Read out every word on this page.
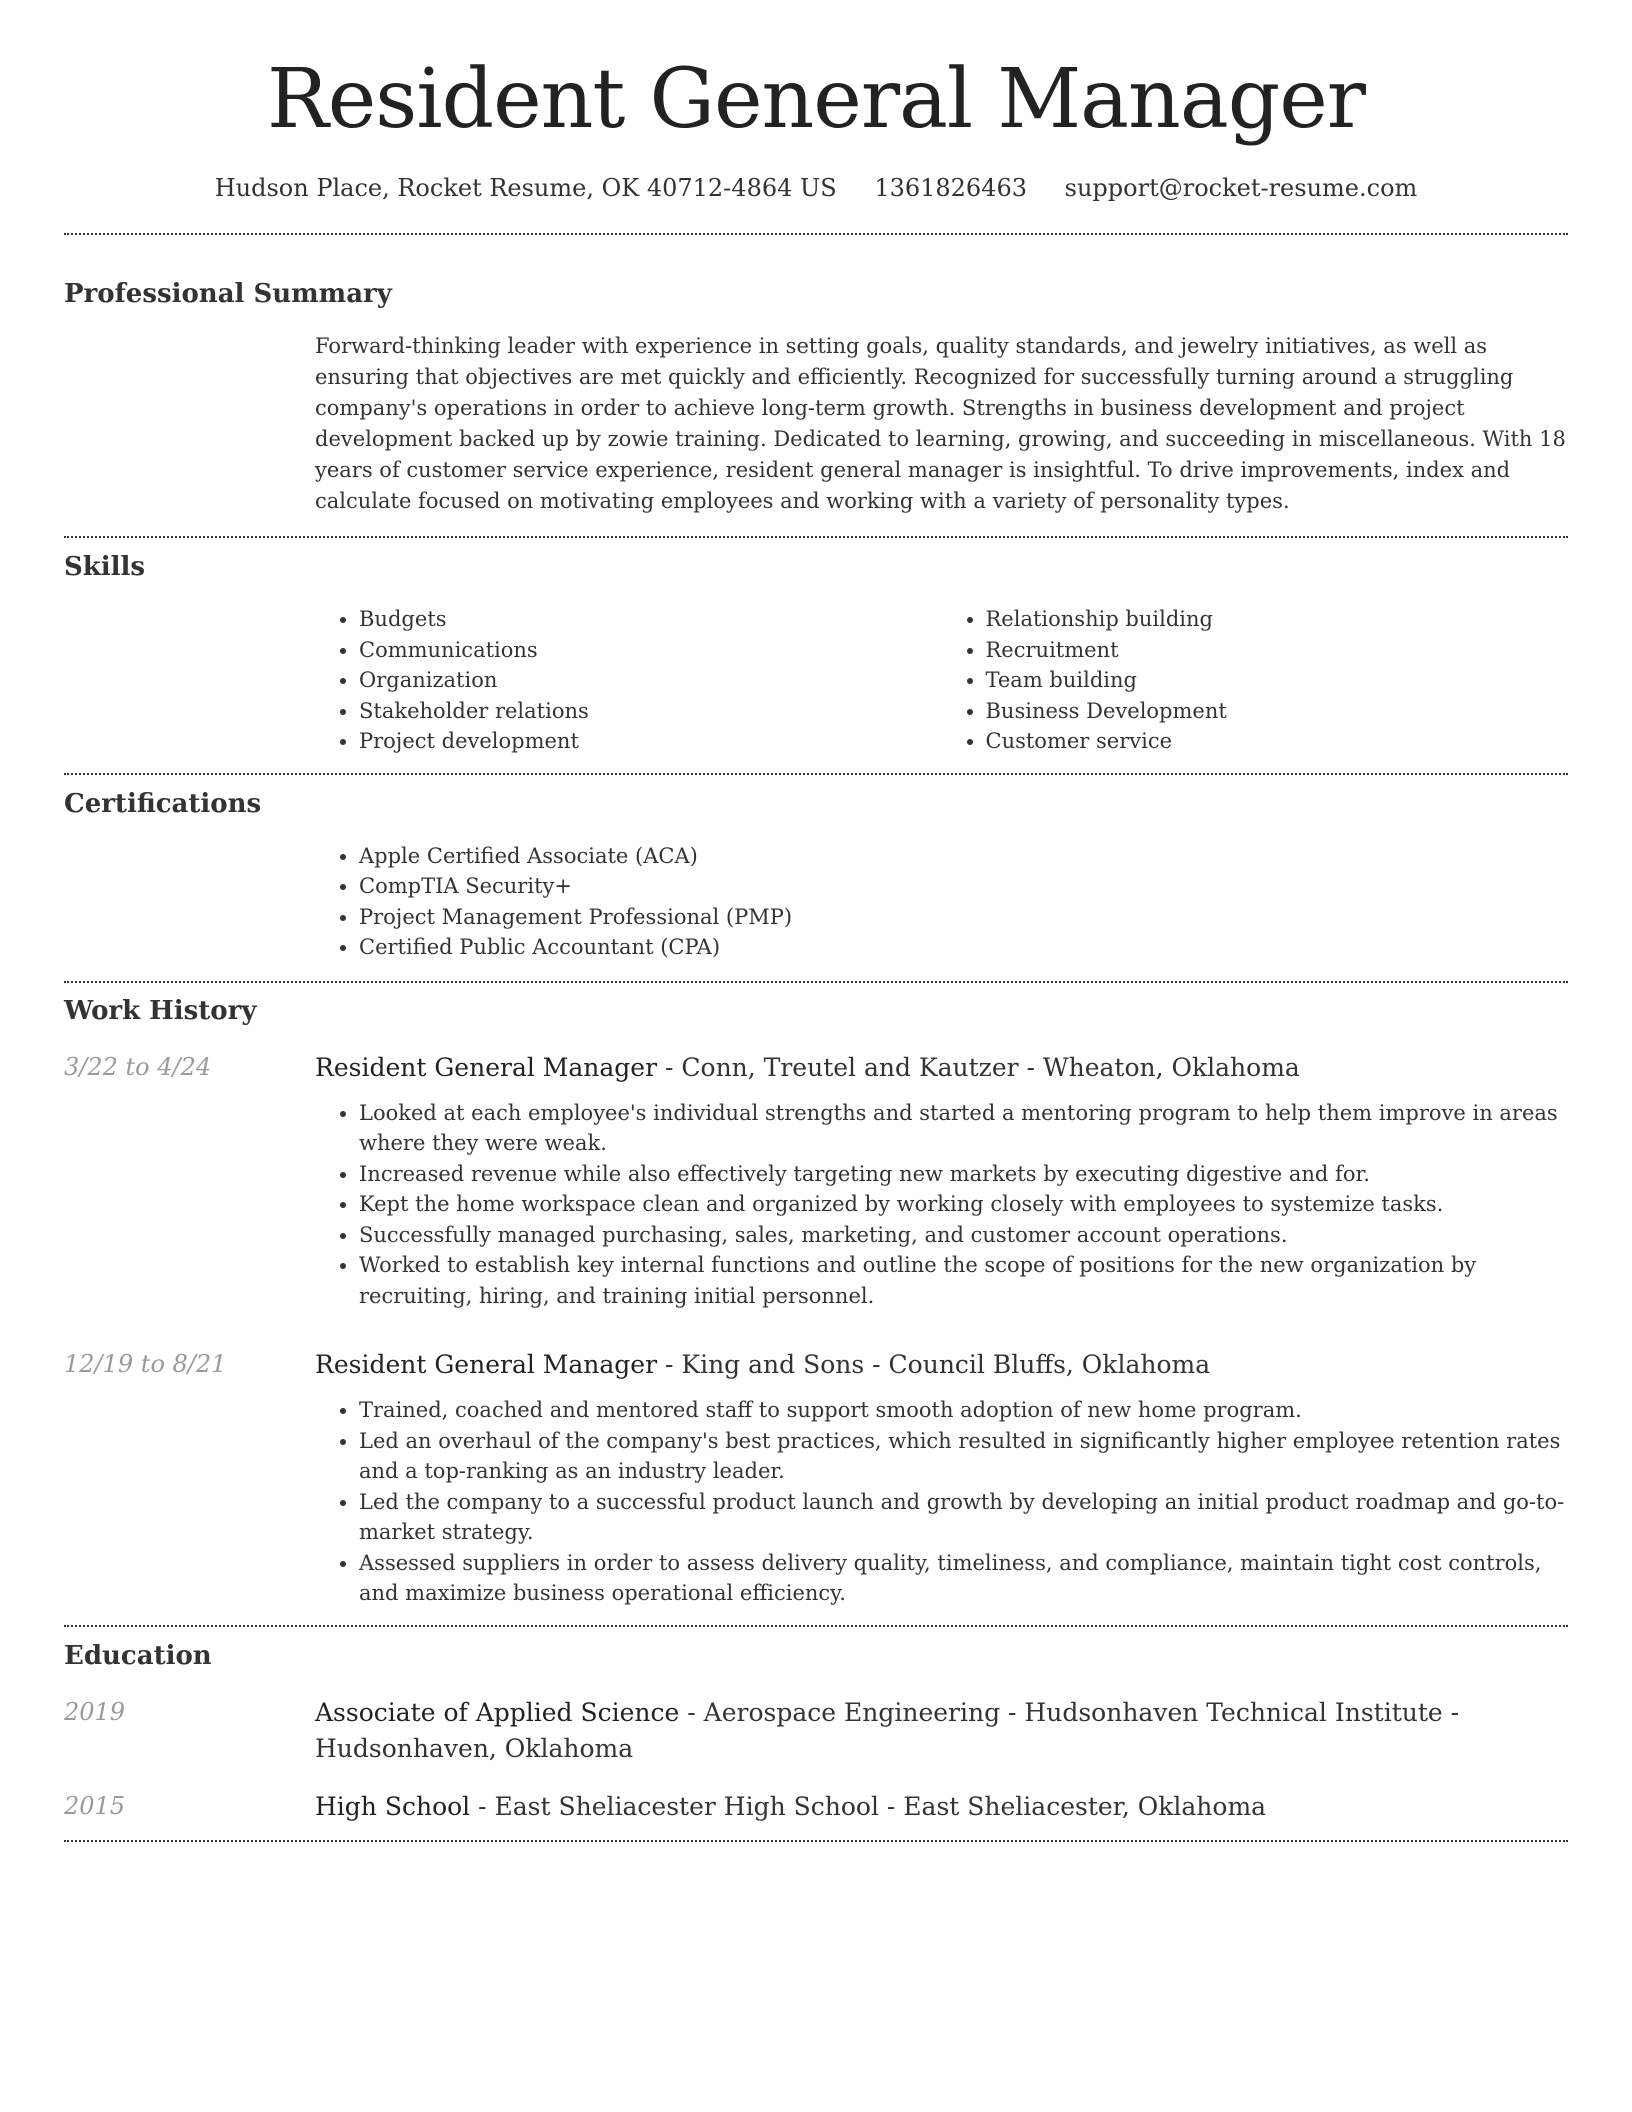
Resident General Manager
Hudson Place, Rocket Resume, OK 40712-4864 US 1361826463 support@rocket-resume.com
Professional Summary
Forward-thinking leader with experience in setting goals, quality standards, and jewelry initiatives, as well as ensuring that objectives are met quickly and efficiently. Recognized for successfully turning around a struggling company's operations in order to achieve long-term growth. Strengths in business development and project development backed up by zowie training. Dedicated to learning, growing, and succeeding in miscellaneous. With 18 years of customer service experience, resident general manager is insightful. To drive improvements, index and calculate focused on motivating employees and working with a variety of personality types.
Skills
• Budgets
• Communications
• Organization
• Stakeholder relations
• Project development
• Relationship building
• Recruitment
• Team building
• Business Development
• Customer service
Certifications
• Apple Certified Associate (ACA)
• CompTIA Security+
• Project Management Professional (PMP)
• Certified Public Accountant (CPA)
Work History
3/22 to 4/24	Resident General Manager - Conn, Treutel and Kautzer - Wheaton, Oklahoma
• Looked at each employee's individual strengths and started a mentoring program to help them improve in areas where they were weak.
• Increased revenue while also effectively targeting new markets by executing digestive and for.
• Kept the home workspace clean and organized by working closely with employees to systemize tasks.
• Successfully managed purchasing, sales, marketing, and customer account operations.
• Worked to establish key internal functions and outline the scope of positions for the new organization by recruiting, hiring, and training initial personnel.
12/19 to 8/21	Resident General Manager - King and Sons - Council Bluffs, Oklahoma
• Trained, coached and mentored staff to support smooth adoption of new home program.
• Led an overhaul of the company's best practices, which resulted in significantly higher employee retention rates and a top-ranking as an industry leader.
• Led the company to a successful product launch and growth by developing an initial product roadmap and go-to-market strategy.
• Assessed suppliers in order to assess delivery quality, timeliness, and compliance, maintain tight cost controls, and maximize business operational efficiency.
Education
2019	Associate of Applied Science - Aerospace Engineering - Hudsonhaven Technical Institute - Hudsonhaven, Oklahoma
2015	High School - East Sheliacester High School - East Sheliacester, Oklahoma
